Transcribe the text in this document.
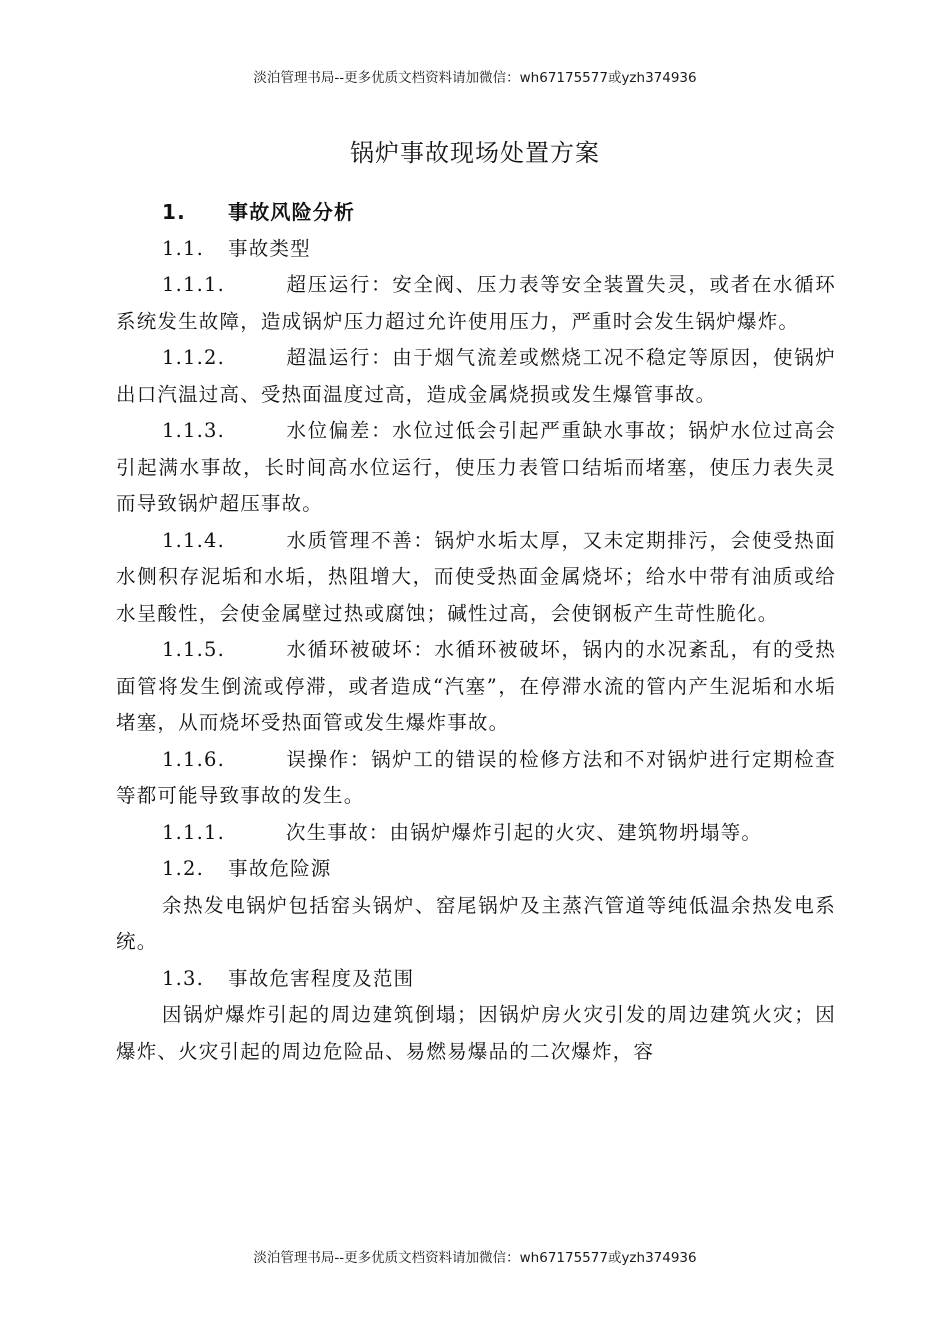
淡泊管理书局--更多优质文档资料请加微信：wh67175577或yzh374936
锅炉事故现场处置方案

1. 事故风险分析

1.1. 事故类型

1.1.1.	超压运行：安全阀、压力表等安全装置失灵，或者在水循环系统发生故障，造成锅炉压力超过允许使用压力，严重时会发生锅炉爆炸。

1.1.2.	超温运行：由于烟气流差或燃烧工况不稳定等原因，使锅炉出口汽温过高、受热面温度过高，造成金属烧损或发生爆管事故。

1.1.3.	水位偏差：水位过低会引起严重缺水事故；锅炉水位过高会引起满水事故，长时间高水位运行，使压力表管口结垢而堵塞，使压力表失灵而导致锅炉超压事故。

1.1.4.	水质管理不善：锅炉水垢太厚，又未定期排污，会使受热面水侧积存泥垢和水垢，热阻增大，而使受热面金属烧坏；给水中带有油质或给水呈酸性，会使金属壁过热或腐蚀；碱性过高，会使钢板产生苛性脆化。

1.1.5.	水循环被破坏：水循环被破坏，锅内的水况紊乱，有的受热面管将发生倒流或停滞，或者造成“汽塞”，在停滞水流的管内产生泥垢和水垢堵塞，从而烧坏受热面管或发生爆炸事故。

1.1.6.	误操作：锅炉工的错误的检修方法和不对锅炉进行定期检查等都可能导致事故的发生。

1.1.1.	次生事故：由锅炉爆炸引起的火灾、建筑物坍塌等。

1.2. 事故危险源

余热发电锅炉包括窑头锅炉、窑尾锅炉及主蒸汽管道等纯低温余热发电系统。

1.3. 事故危害程度及范围

因锅炉爆炸引起的周边建筑倒塌；因锅炉房火灾引发的周边建筑火灾；因爆炸、火灾引起的周边危险品、易燃易爆品的二次爆炸，容

淡泊管理书局--更多优质文档资料请加微信：wh67175577或yzh374936
